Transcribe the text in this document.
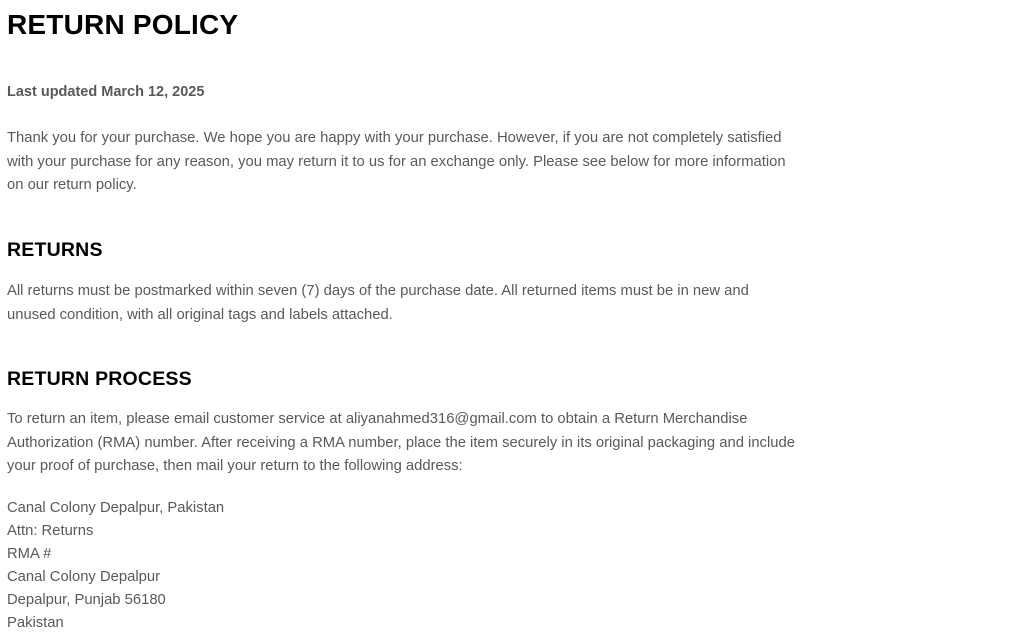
RETURN POLICY

Last updated March 12, 2025

Thank you for your purchase. We hope you are happy with your purchase. However, if you are not completely satisfied with your purchase for any reason, you may return it to us for an exchange only. Please see below for more information on our return policy.

RETURNS

All returns must be postmarked within seven (7) days of the purchase date. All returned items must be in new and unused condition, with all original tags and labels attached.

RETURN PROCESS

To return an item, please email customer service at aliyanahmed316@gmail.com to obtain a Return Merchandise Authorization (RMA) number. After receiving a RMA number, place the item securely in its original packaging and include your proof of purchase, then mail your return to the following address:

Canal Colony Depalpur, Pakistan
Attn: Returns
RMA #
Canal Colony Depalpur
Depalpur, Punjab 56180
Pakistan
